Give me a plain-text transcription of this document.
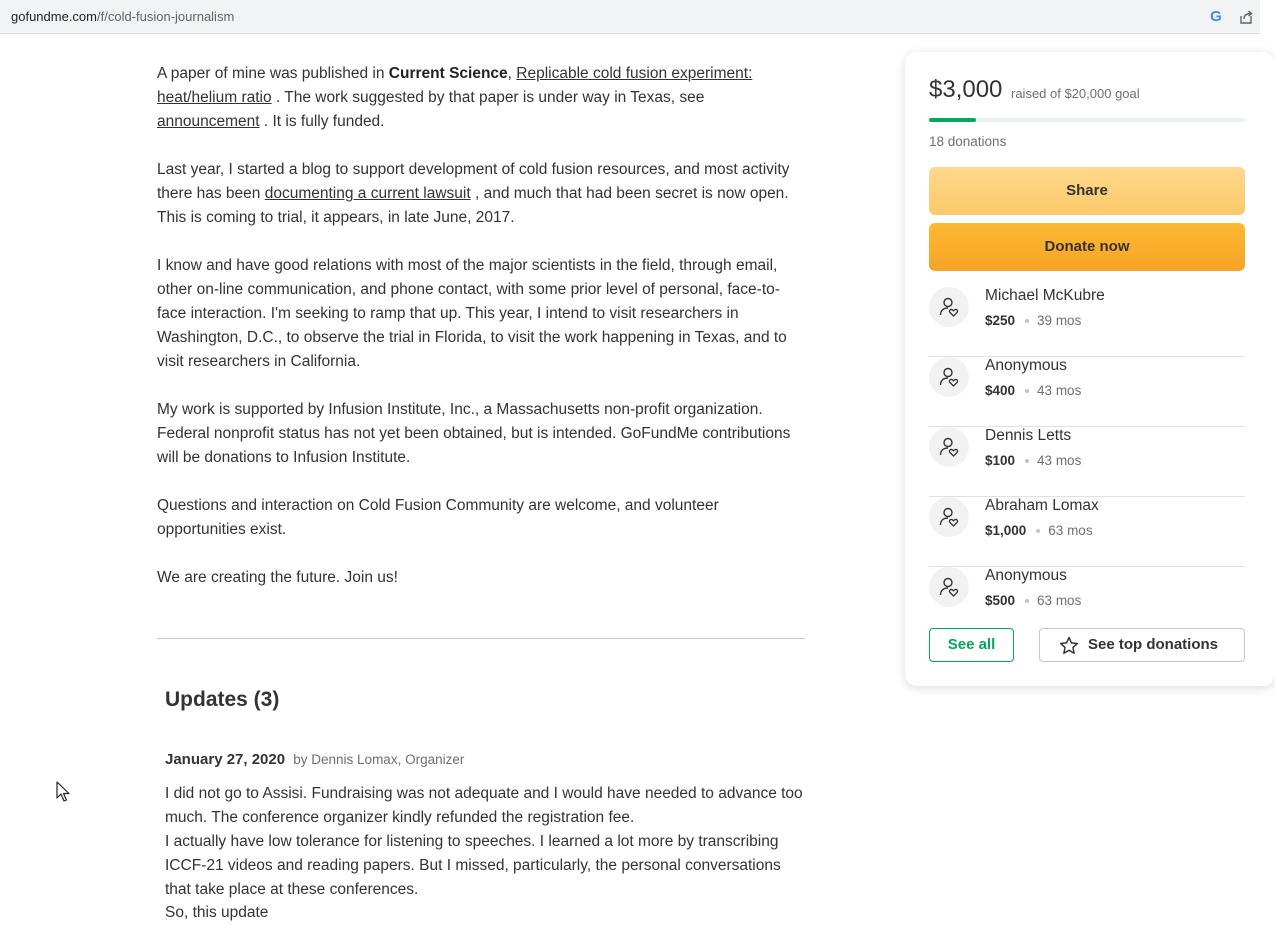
gofundme.com/f/cold-fusion-journalism	G

A paper of mine was published in Current Science, Replicable cold fusion experiment: heat/helium ratio . The work suggested by that paper is under way in Texas, see announcement . It is fully funded.

Last year, I started a blog to support development of cold fusion resources, and most activity there has been documenting a current lawsuit , and much that had been secret is now open. This is coming to trial, it appears, in late June, 2017.

I know and have good relations with most of the major scientists in the field, through email, other on-line communication, and phone contact, with some prior level of personal, face-to-face interaction. I'm seeking to ramp that up. This year, I intend to visit researchers in Washington, D.C., to observe the trial in Florida, to visit the work happening in Texas, and to visit researchers in California.

My work is supported by Infusion Institute, Inc., a Massachusetts non-profit organization. Federal nonprofit status has not yet been obtained, but is intended. GoFundMe contributions will be donations to Infusion Institute.

Questions and interaction on Cold Fusion Community are welcome, and volunteer opportunities exist.

We are creating the future. Join us!

Updates (3)
January 27, 2020 by Dennis Lomax, Organizer

I did not go to Assisi. Fundraising was not adequate and I would have needed to advance too much. The conference organizer kindly refunded the registration fee.

I actually have low tolerance for listening to speeches. I learned a lot more by transcribing ICCF-21 videos and reading papers. But I missed, particularly, the personal conversations that take place at these conferences.

So, this update
$3,000 raised of $20,000 goal
18 donations
Share
Donate now
Michael McKubre
$250 39 mos
Anonymous
$400 43 mos
Dennis Letts
$100 43 mos
Abraham Lomax
$1,000 63 mos
Anonymous
$500 63 mos
See all	See top donations
